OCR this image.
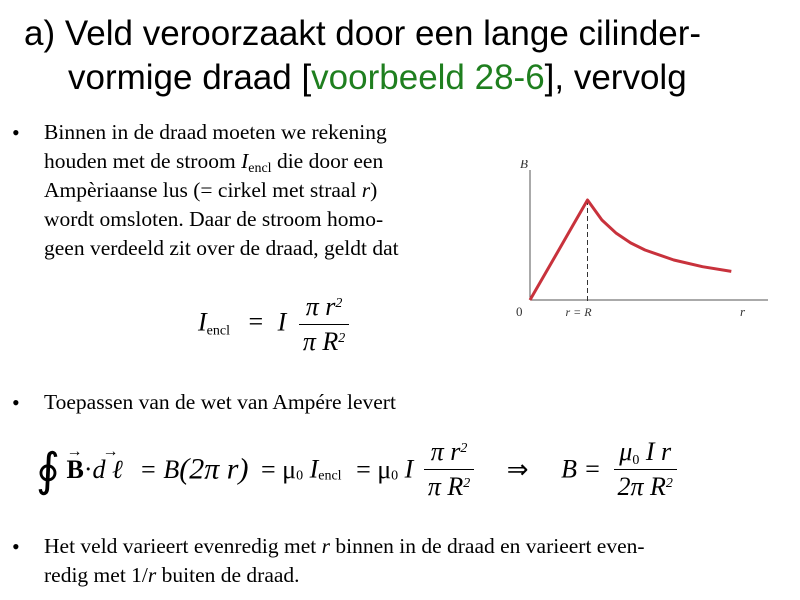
a) Veld veroorzaakt door een lange cilinder-
vormige draad [voorbeeld 28-6], vervolg
• Binnen in de draad moeten we rekening
houden met de stroom $I_{encl}$ die door een
Ampèriaanse lus (= cirkel met straal r)
wordt omsloten. Daar de stroom homo-
geen verdeeld zit over de draad, geldt dat
$I_{encl} = I \frac{\pi r^2}{\pi R^2}$
B
r
0	r = R
• Toepassen van de wet van Ampére levert
∮ →
B·
→
d ℓ = B(2π $r) = \mu_0$ $I_{encl} = \mu_0$ I $\frac{\pi r^2}{\pi R^2}$ ⇒ $B = \frac{\mu_0 I r}{2\pi R^2}$
• Het veld varieert evenredig met r binnen in de draad en varieert even-
redig met 1/r buiten de draad.
